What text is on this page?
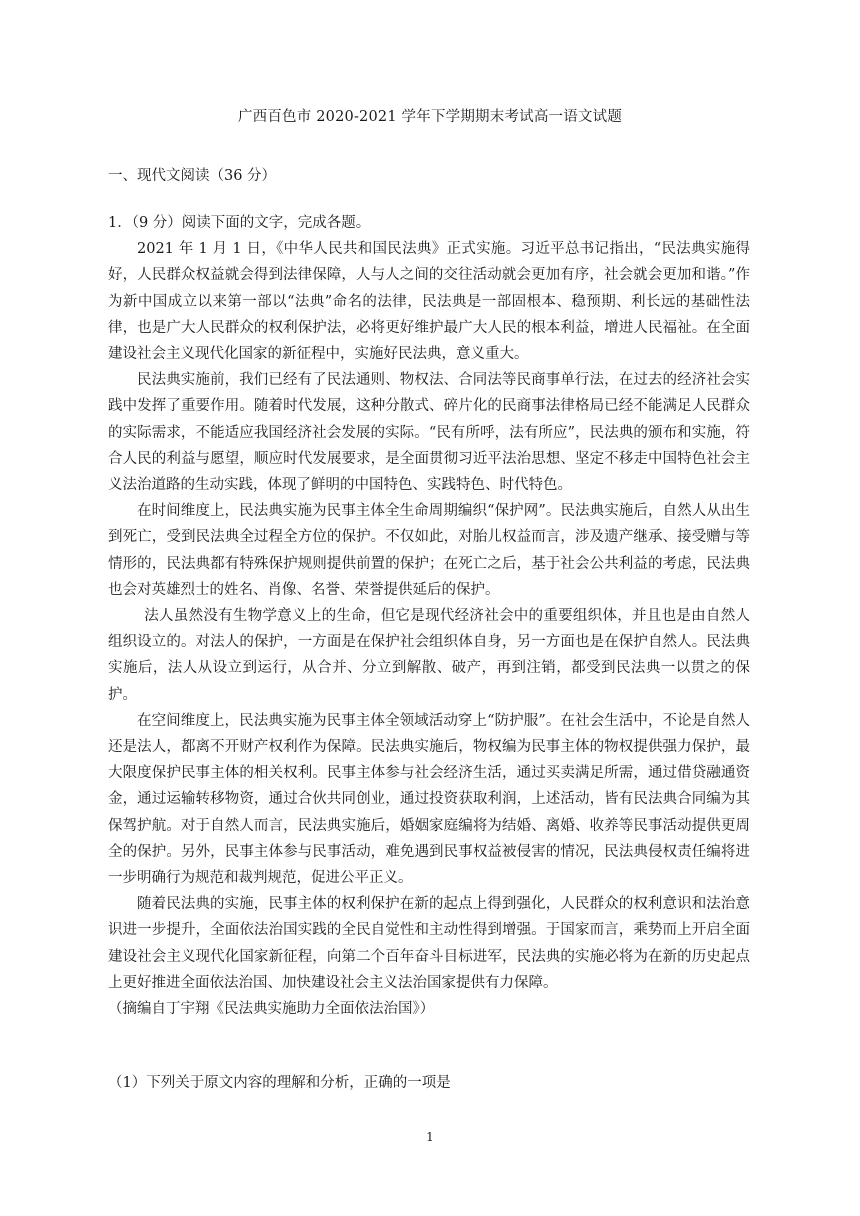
广西百色市 2020-2021 学年下学期期末考试高一语文试题
一、现代文阅读（36 分）

1．（9 分）阅读下面的文字，完成各题。

2021 年 1 月 1 日，《中华人民共和国民法典》正式实施。习近平总书记指出，“民法典实施得好，人民群众权益就会得到法律保障，人与人之间的交往活动就会更加有序，社会就会更加和谐。”作为新中国成立以来第一部以“法典”命名的法律，民法典是一部固根本、稳预期、利长远的基础性法律，也是广大人民群众的权利保护法，必将更好维护最广大人民的根本利益，增进人民福祉。在全面建设社会主义现代化国家的新征程中，实施好民法典，意义重大。

民法典实施前，我们已经有了民法通则、物权法、合同法等民商事单行法，在过去的经济社会实践中发挥了重要作用。随着时代发展，这种分散式、碎片化的民商事法律格局已经不能满足人民群众的实际需求，不能适应我国经济社会发展的实际。“民有所呼，法有所应”，民法典的颁布和实施，符合人民的利益与愿望，顺应时代发展要求，是全面贯彻习近平法治思想、坚定不移走中国特色社会主义法治道路的生动实践，体现了鲜明的中国特色、实践特色、时代特色。

在时间维度上，民法典实施为民事主体全生命周期编织“保护网”。民法典实施后，自然人从出生到死亡，受到民法典全过程全方位的保护。不仅如此，对胎儿权益而言，涉及遗产继承、接受赠与等情形的，民法典都有特殊保护规则提供前置的保护；在死亡之后，基于社会公共利益的考虑，民法典也会对英雄烈士的姓名、肖像、名誉、荣誉提供延后的保护。

法人虽然没有生物学意义上的生命，但它是现代经济社会中的重要组织体，并且也是由自然人组织设立的。对法人的保护，一方面是在保护社会组织体自身，另一方面也是在保护自然人。民法典实施后，法人从设立到运行，从合并、分立到解散、破产，再到注销，都受到民法典一以贯之的保护。

在空间维度上，民法典实施为民事主体全领域活动穿上“防护服”。在社会生活中，不论是自然人还是法人，都离不开财产权利作为保障。民法典实施后，物权编为民事主体的物权提供强力保护，最大限度保护民事主体的相关权利。民事主体参与社会经济生活，通过买卖满足所需，通过借贷融通资金，通过运输转移物资，通过合伙共同创业，通过投资获取利润，上述活动，皆有民法典合同编为其保驾护航。对于自然人而言，民法典实施后，婚姻家庭编将为结婚、离婚、收养等民事活动提供更周全的保护。另外，民事主体参与民事活动，难免遇到民事权益被侵害的情况，民法典侵权责任编将进一步明确行为规范和裁判规范，促进公平正义。

随着民法典的实施，民事主体的权利保护在新的起点上得到强化，人民群众的权利意识和法治意识进一步提升，全面依法治国实践的全民自觉性和主动性得到增强。于国家而言，乘势而上开启全面建设社会主义现代化国家新征程，向第二个百年奋斗目标进军，民法典的实施必将为在新的历史起点上更好推进全面依法治国、加快建设社会主义法治国家提供有力保障。

（摘编自丁宇翔《民法典实施助力全面依法治国》）

（1）下列关于原文内容的理解和分析，正确的一项是
1
